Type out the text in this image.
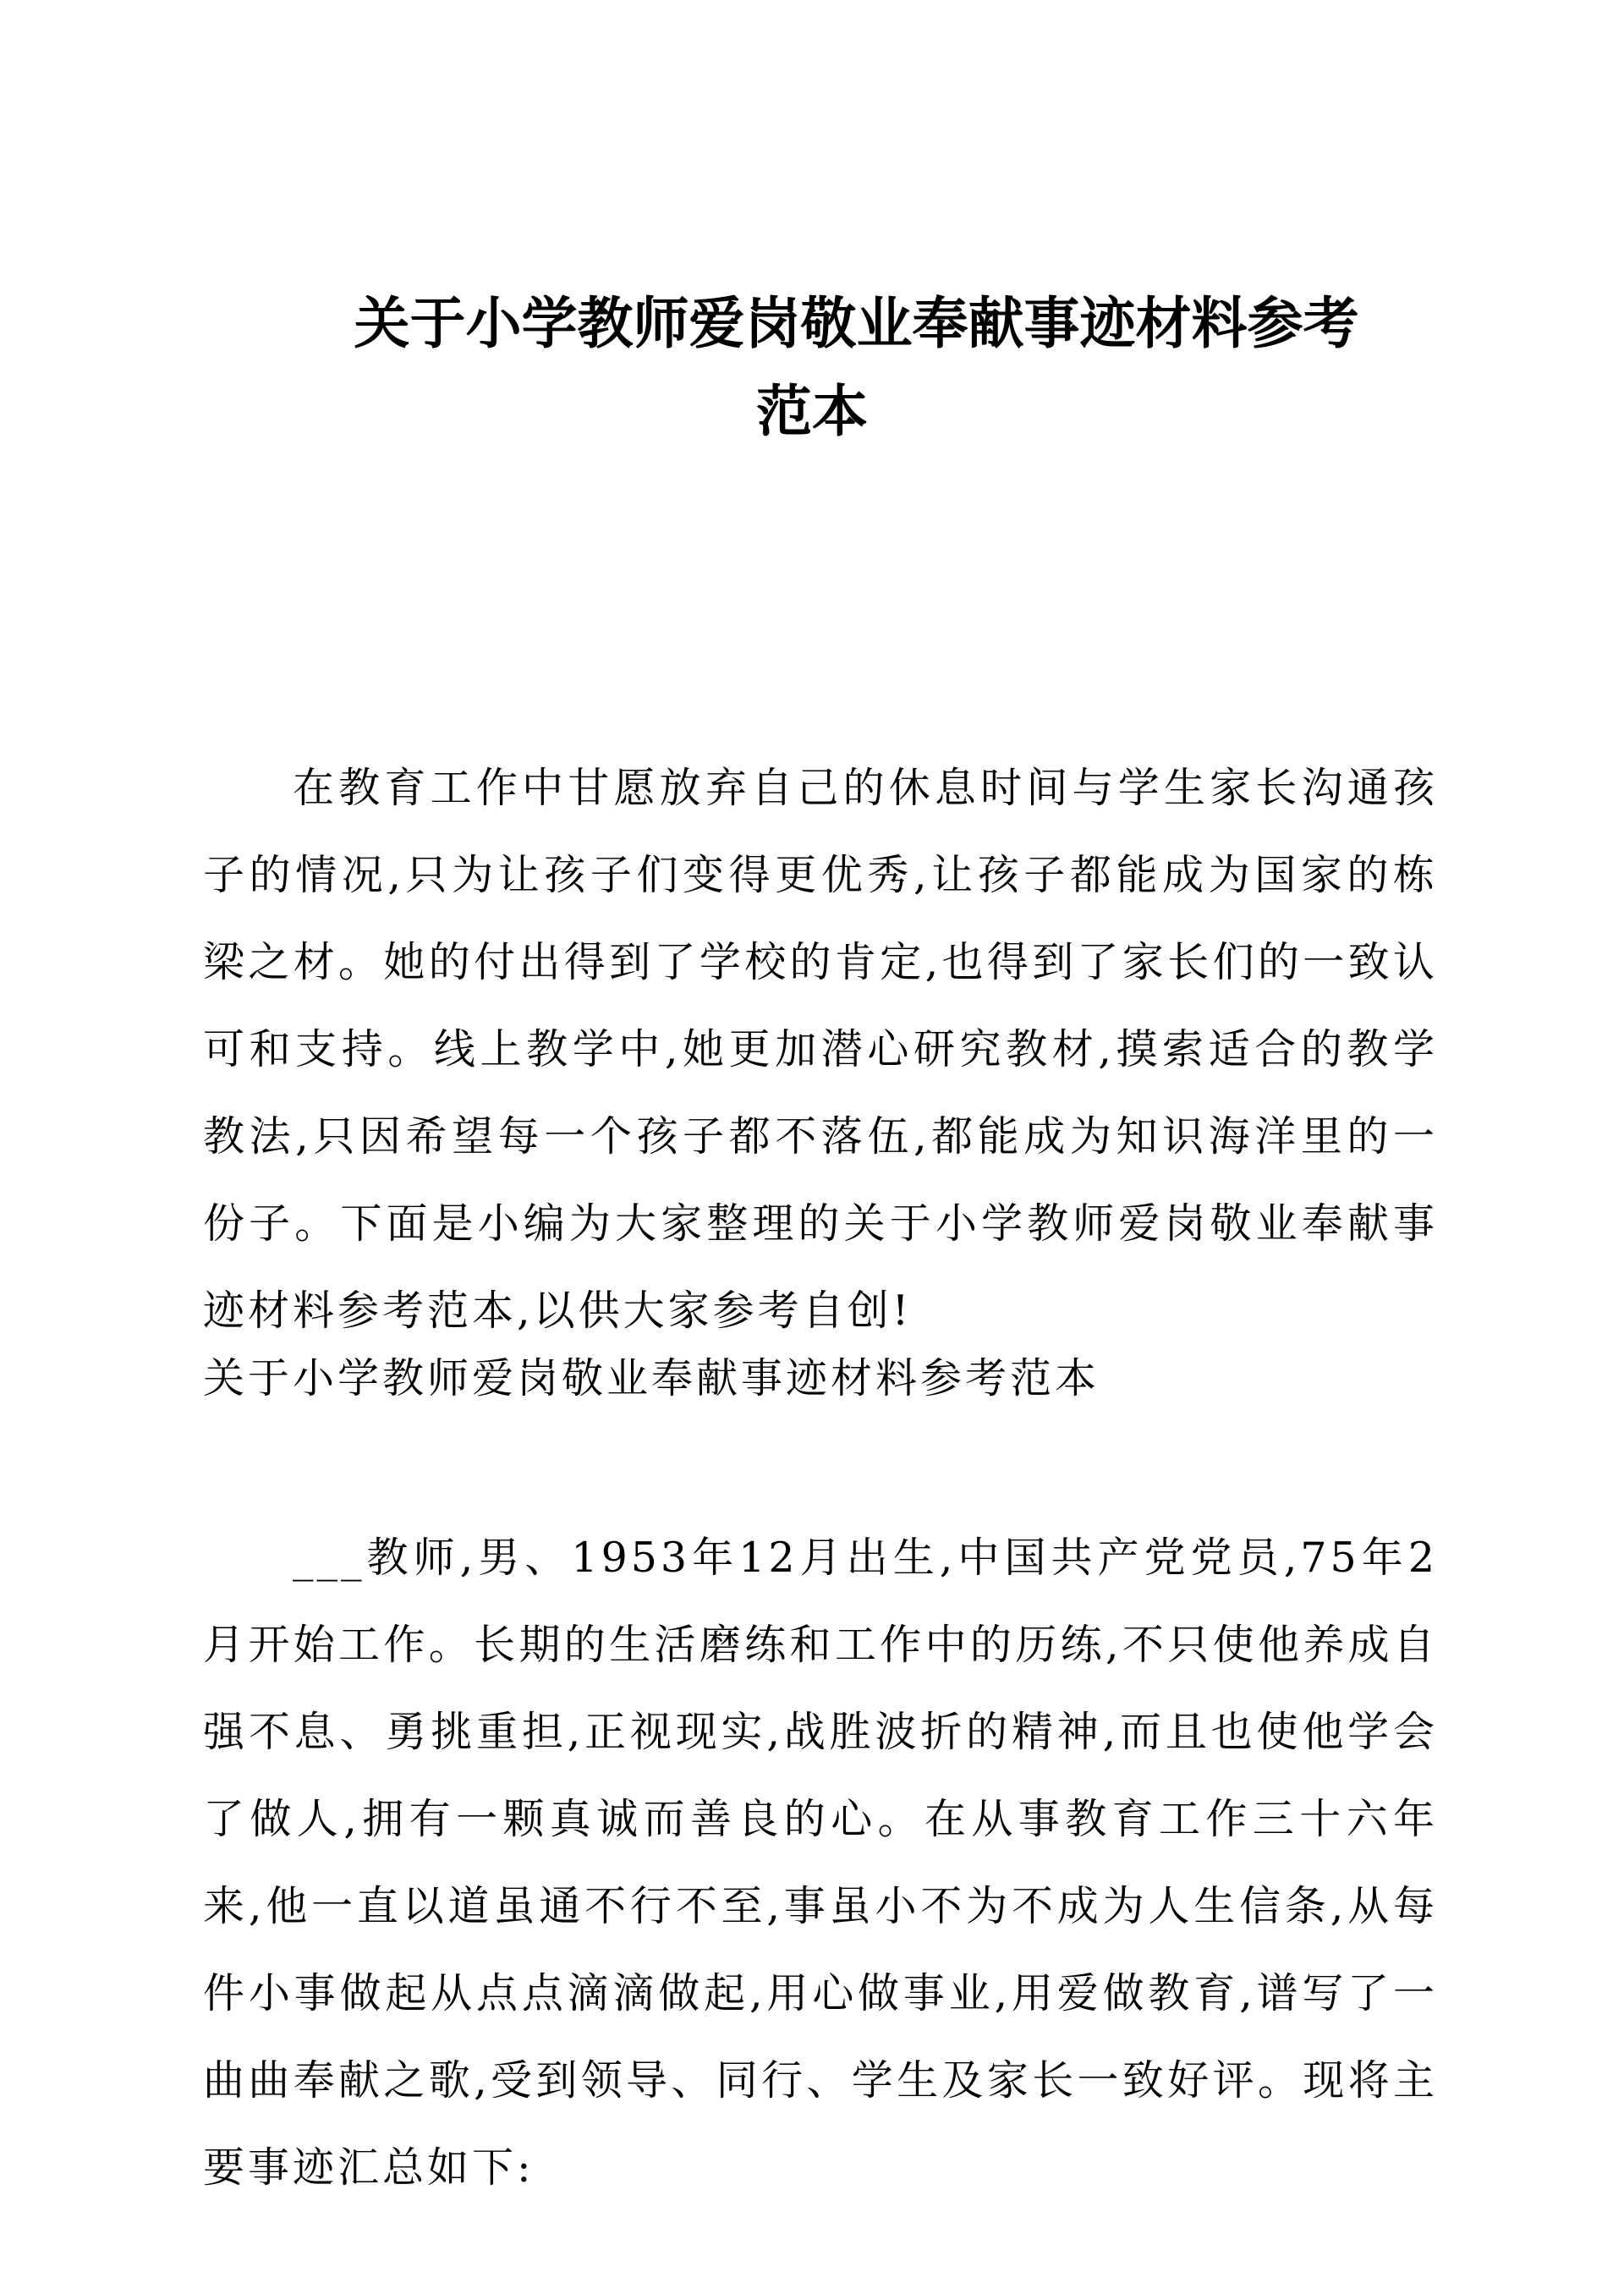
关于小学教师爱岗敬业奉献事迹材料参考
范本

在教育工作中甘愿放弃自己的休息时间与学生家长沟通孩子的情况,只为让孩子们变得更优秀,让孩子都能成为国家的栋梁之材。她的付出得到了学校的肯定,也得到了家长们的一致认可和支持。线上教学中,她更加潜心研究教材,摸索适合的教学教法,只因希望每一个孩子都不落伍,都能成为知识海洋里的一份子。下面是小编为大家整理的关于小学教师爱岗敬业奉献事迹材料参考范本,以供大家参考自创!

关于小学教师爱岗敬业奉献事迹材料参考范本

___教师,男、1953年12月出生,中国共产党党员,75年2月开始工作。长期的生活磨练和工作中的历练,不只使他养成自强不息、勇挑重担,正视现实,战胜波折的精神,而且也使他学会了做人,拥有一颗真诚而善良的心。在从事教育工作三十六年来,他一直以道虽通不行不至,事虽小不为不成为人生信条,从每件小事做起从点点滴滴做起,用心做事业,用爱做教育,谱写了一曲曲奉献之歌,受到领导、同行、学生及家长一致好评。现将主要事迹汇总如下:
